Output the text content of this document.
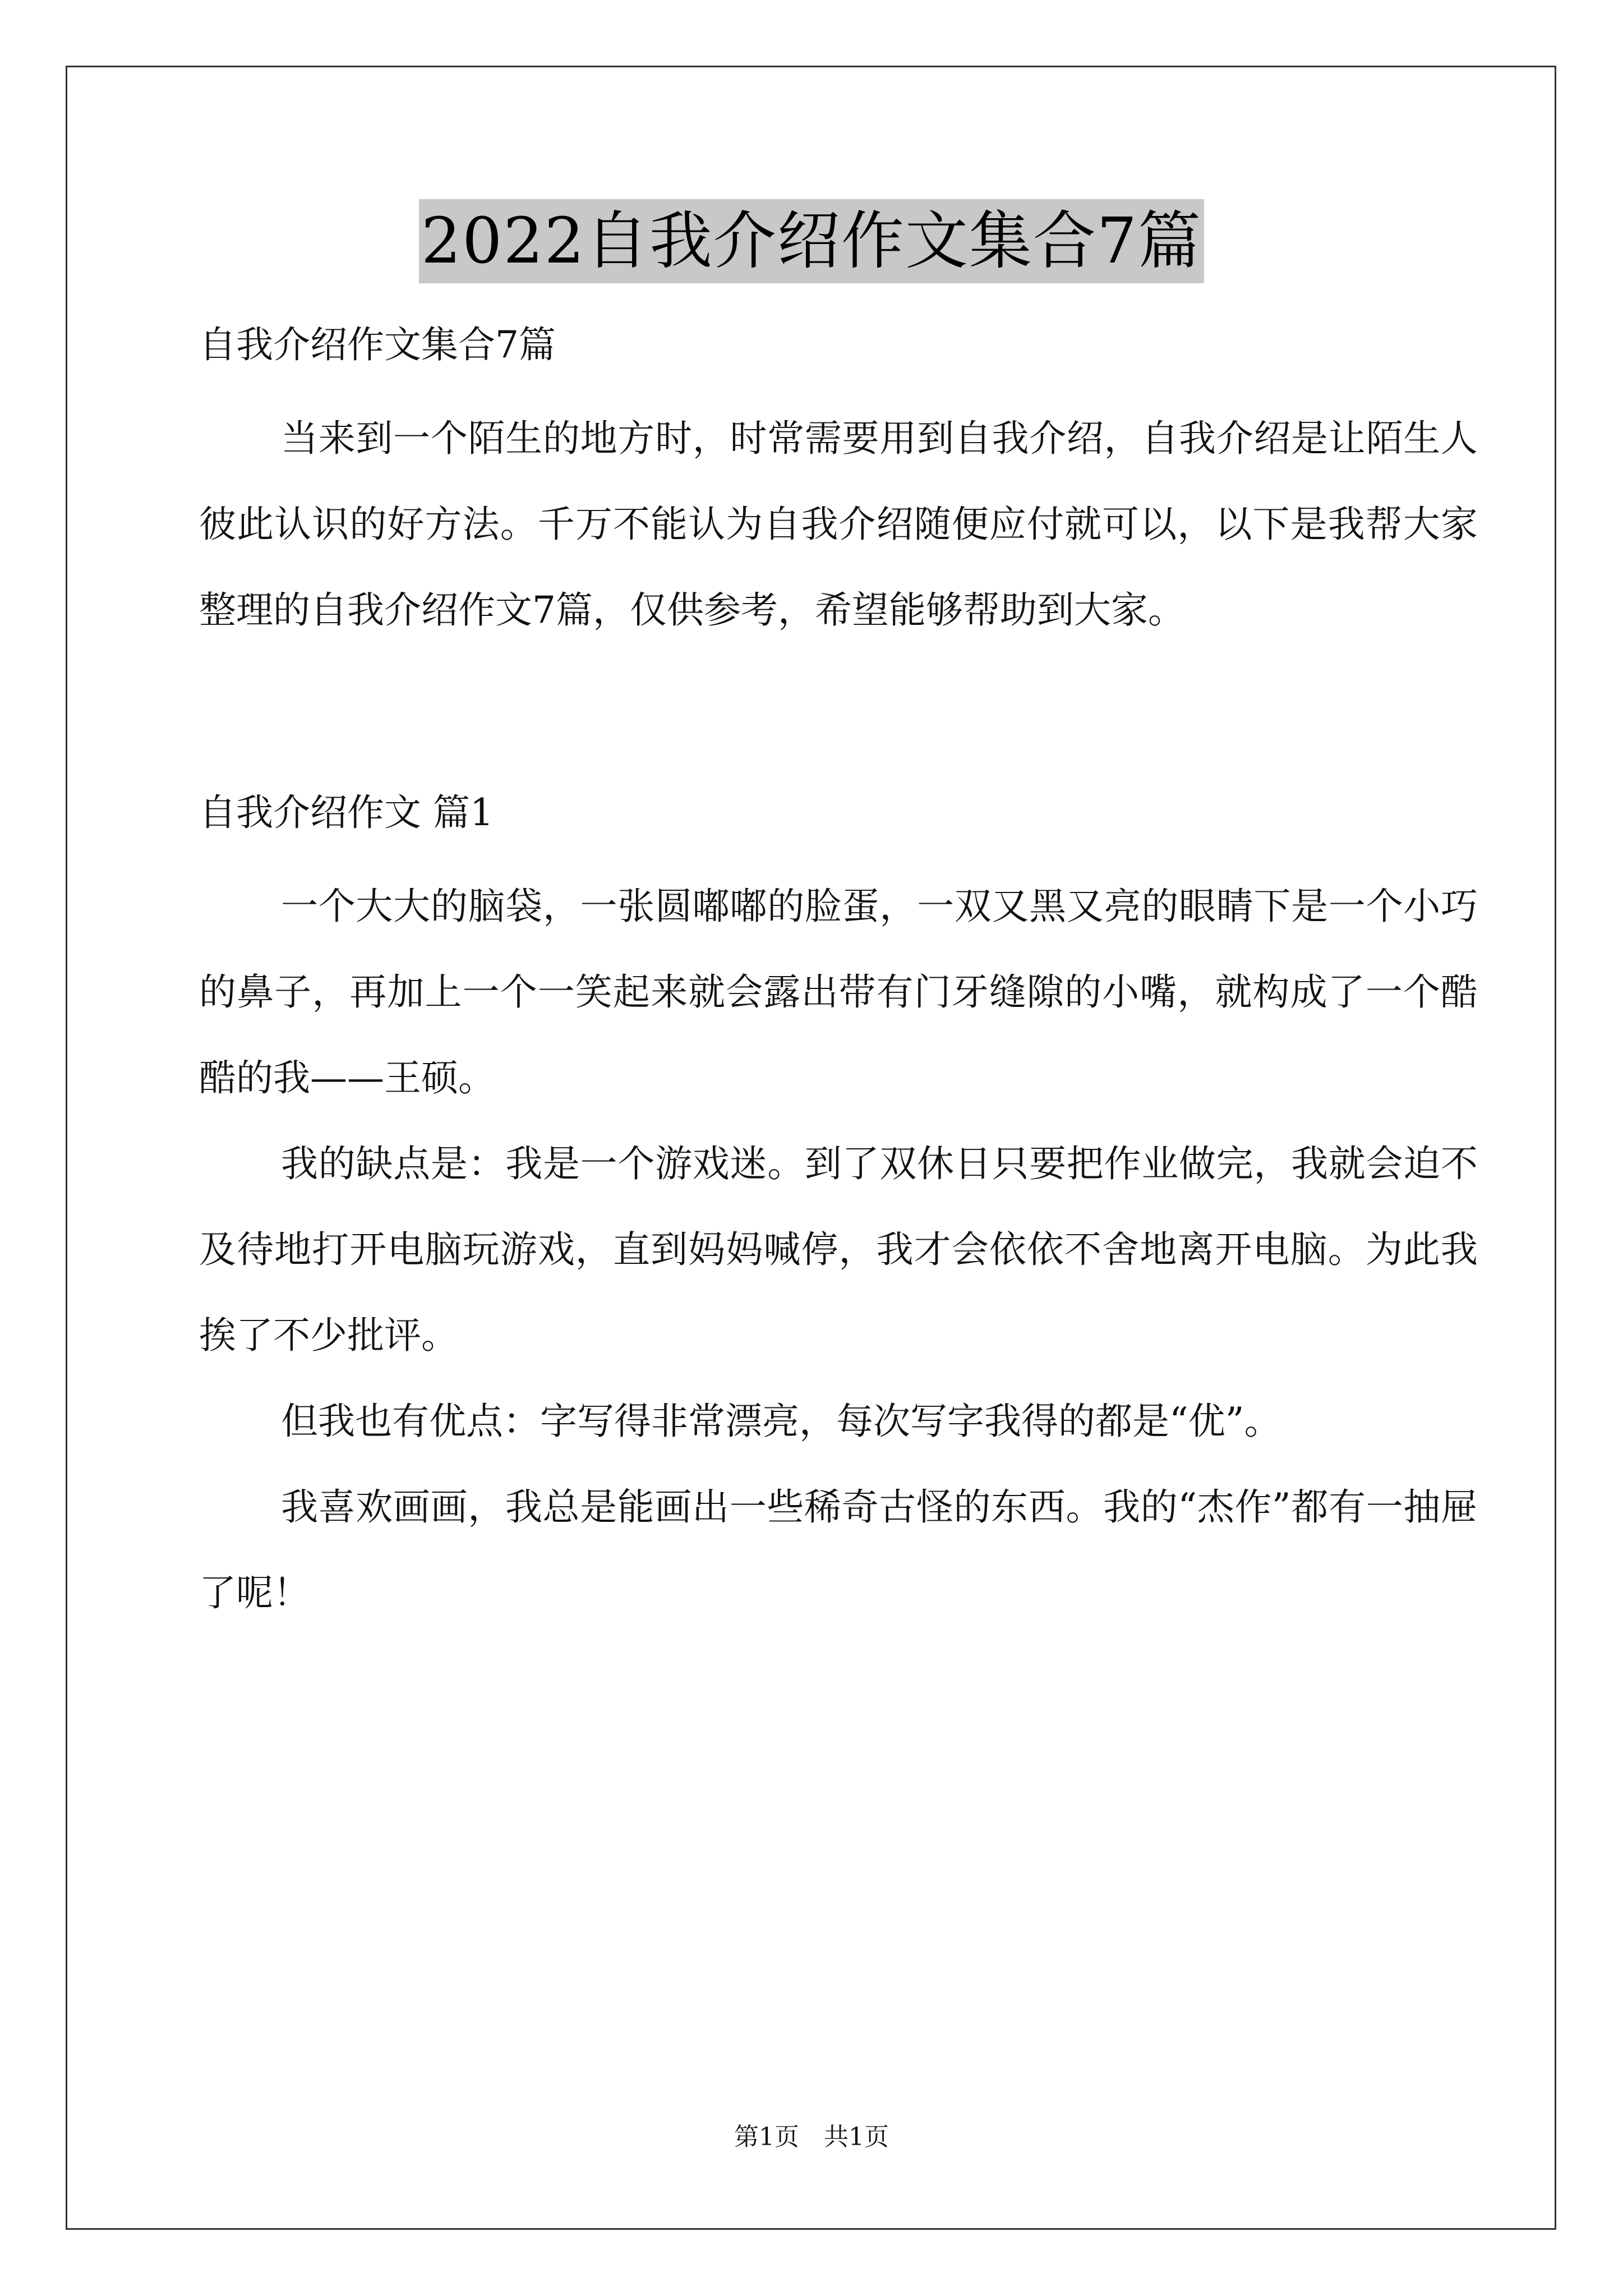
2022自我介绍作文集合7篇
自我介绍作文集合7篇

当来到一个陌生的地方时，时常需要用到自我介绍，自我介绍是让陌生人彼此认识的好方法。千万不能认为自我介绍随便应付就可以，以下是我帮大家整理的自我介绍作文7篇，仅供参考，希望能够帮助到大家。

自我介绍作文 篇1

一个大大的脑袋，一张圆嘟嘟的脸蛋，一双又黑又亮的眼睛下是一个小巧的鼻子，再加上一个一笑起来就会露出带有门牙缝隙的小嘴，就构成了一个酷酷的我——王硕。

我的缺点是：我是一个游戏迷。到了双休日只要把作业做完，我就会迫不及待地打开电脑玩游戏，直到妈妈喊停，我才会依依不舍地离开电脑。为此我挨了不少批评。

但我也有优点：字写得非常漂亮，每次写字我得的都是“优”。

我喜欢画画，我总是能画出一些稀奇古怪的东西。我的“杰作”都有一抽屉了呢！

第1页　共1页
